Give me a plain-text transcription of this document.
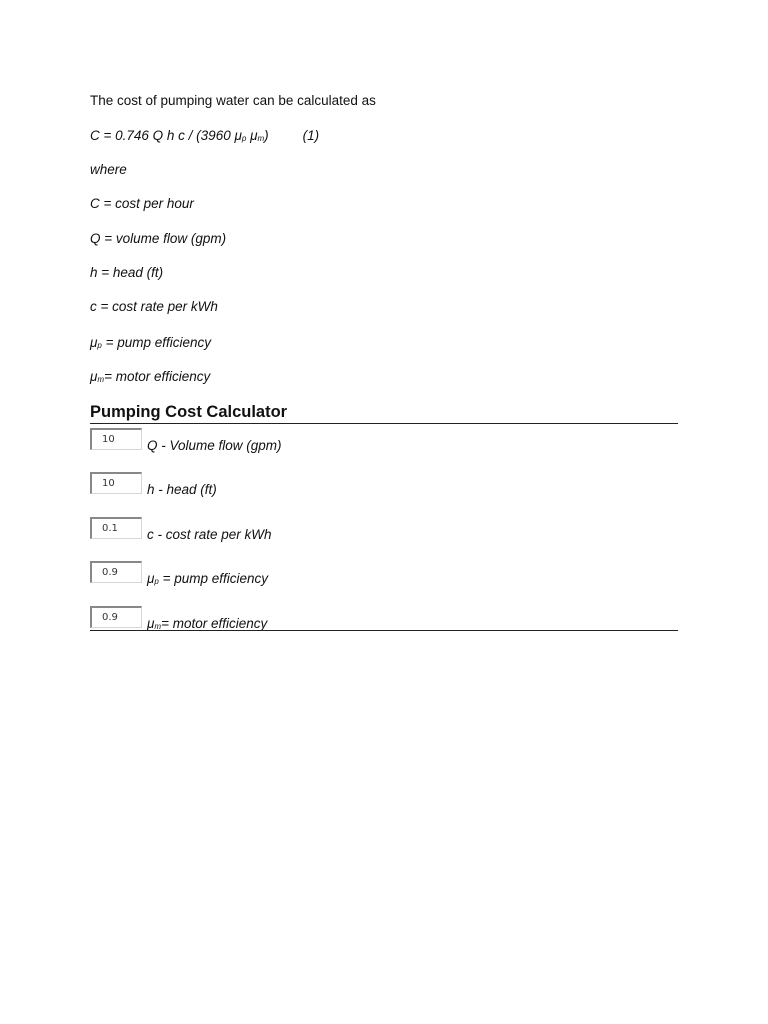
The cost of pumping water can be calculated as
C = 0.746 Q h c / (3960 $\mu_p$ $\mu_m$)	(1)
where
C = cost per hour
Q = volume flow (gpm)
h = head (ft)
c = cost rate per kWh
$\mu_p$ = pump efficiency
$\mu_m=$ motor efficiency
Pumping Cost Calculator
10
Q - Volume flow (gpm)
10
h - head (ft)
0.1
c - cost rate per kWh
0.9
$\mu_p$ = pump efficiency
0.9
$\mu_m=$ motor efficiency
